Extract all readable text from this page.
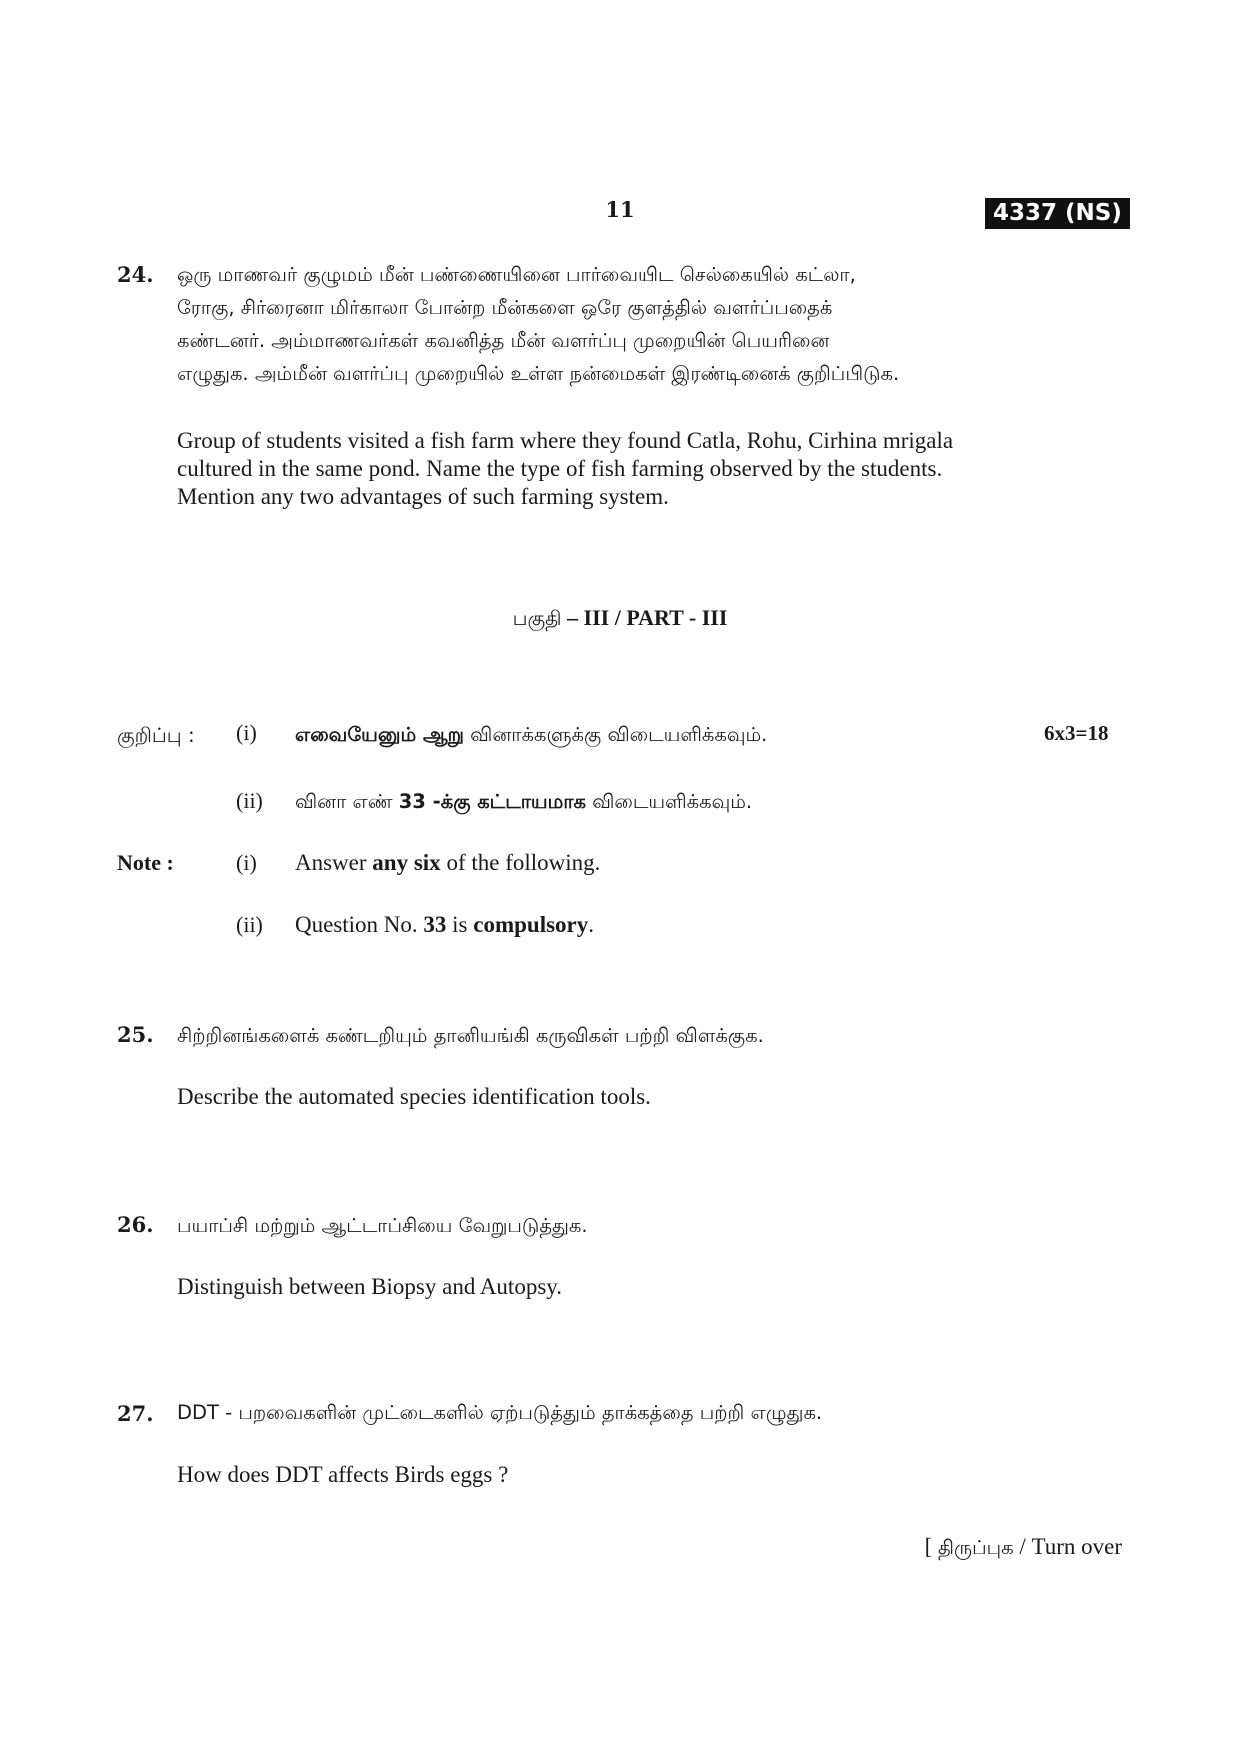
11	4337 (NS)
24. ஒரு மாணவர் குழுமம் மீன் பண்ணையினை பார்வையிட செல்கையில் கட்லா,
ரோகு, சிர்ரைனா மிர்காலா போன்ற மீன்களை ஒரே குளத்தில் வளர்ப்பதைக்
கண்டனர். அம்மாணவர்கள் கவனித்த மீன் வளர்ப்பு முறையின் பெயரினை
எழுதுக. அம்மீன் வளர்ப்பு முறையில் உள்ள நன்மைகள் இரண்டினைக் குறிப்பிடுக.
Group of students visited a fish farm where they found Catla, Rohu, Cirhina mrigala
cultured in the same pond. Name the type of fish farming observed by the students.
Mention any two advantages of such farming system.
பகுதி – III / PART - III
குறிப்பு : (i) எவையேனும் ஆறு வினாக்களுக்கு விடையளிக்கவும்.	6x3=18
(ii) வினா எண் 33 -க்கு கட்டாயமாக விடையளிக்கவும்.
Note :	(i) Answer any six of the following.
(ii) Question No. 33 is compulsory.
25. சிற்றினங்களைக் கண்டறியும் தானியங்கி கருவிகள் பற்றி விளக்குக.
Describe the automated species identification tools.
26. பயாப்சி மற்றும் ஆட்டாப்சியை வேறுபடுத்துக.
Distinguish between Biopsy and Autopsy.
27. DDT - பறவைகளின் முட்டைகளில் ஏற்படுத்தும் தாக்கத்தை பற்றி எழுதுக.
How does DDT affects Birds eggs ?
[ திருப்புக / Turn over
